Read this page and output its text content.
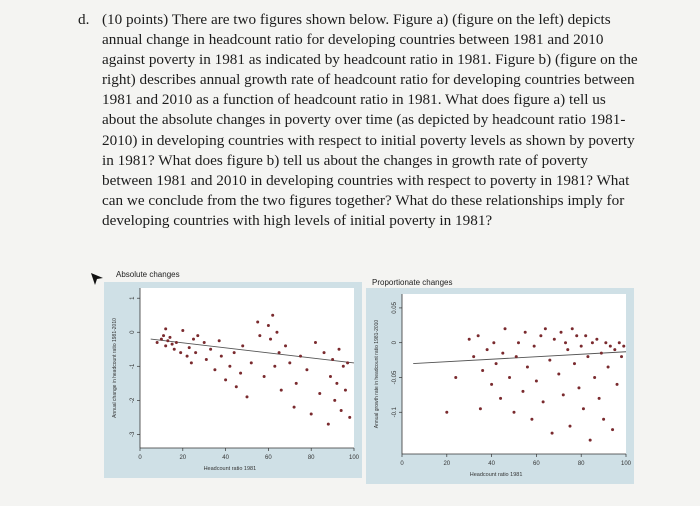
d. (10 points) There are two figures shown below. Figure a) (figure on the left) depicts annual change in headcount ratio for developing countries between 1981 and 2010 against poverty in 1981 as indicated by headcount ratio in 1981. Figure b) (figure on the right) describes annual growth rate of headcount ratio for developing countries between 1981 and 2010 as a function of headcount ratio in 1981. What does figure a) tell us about the absolute changes in poverty over time (as depicted by headcount ratio 1981-2010) in developing countries with respect to initial poverty levels as shown by poverty in 1981? What does figure b) tell us about the changes in growth rate of poverty between 1981 and 2010 in developing countries with respect to poverty in 1981? What can we conclude from the two figures together? What do these relationships imply for developing countries with high levels of initial poverty in 1981?
Absolute changes
Proportionate changes
-3
-2
-1
0
1
0	20	40	60	80	100
Headcount ratio 1981
Annual change in headcount ratio 1981-2010	-0.1
-0.05
0
0.05
0	20	40	60	80	100
Headcount ratio 1981
Annual growth rate in headcount ratio 1981-2010
